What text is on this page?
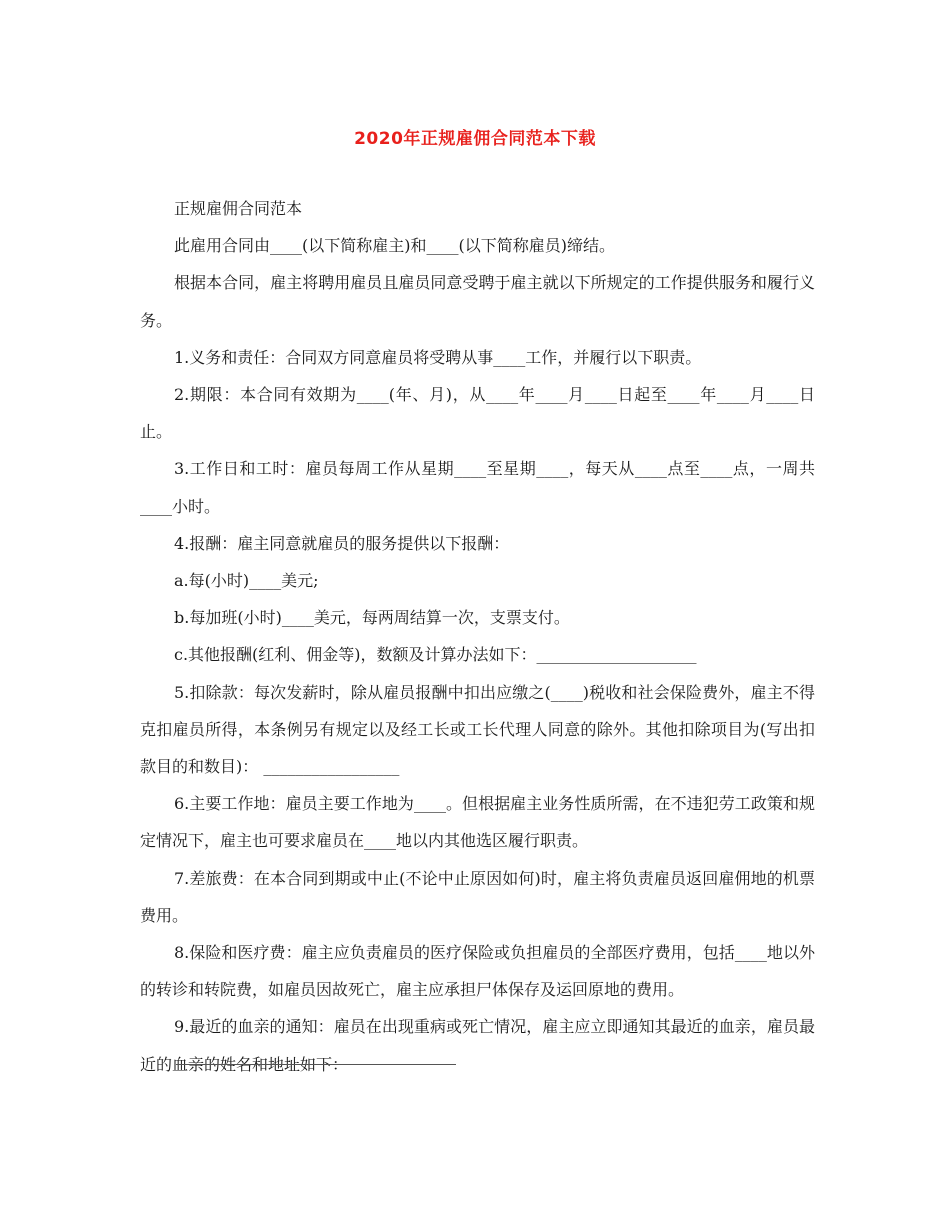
2020年正规雇佣合同范本下载

正规雇佣合同范本

此雇用合同由____(以下简称雇主)和____(以下简称雇员)缔结。

根据本合同，雇主将聘用雇员且雇员同意受聘于雇主就以下所规定的工作提供服务和履行义务。

1.义务和责任：合同双方同意雇员将受聘从事____工作，并履行以下职责。

2.期限：本合同有效期为____(年、月)，从____年____月____日起至____年____月____日止。

3.工作日和工时：雇员每周工作从星期____至星期____，每天从____点至____点，一周共____小时。

4.报酬：雇主同意就雇员的服务提供以下报酬：

a.每(小时)____美元;

b.每加班(小时)____美元，每两周结算一次，支票支付。

c.其他报酬(红利、佣金等)，数额及计算办法如下：____________________

5.扣除款：每次发薪时，除从雇员报酬中扣出应缴之(____)税收和社会保险费外，雇主不得克扣雇员所得，本条例另有规定以及经工长或工长代理人同意的除外。其他扣除项目为(写出扣款目的和数目)： _________________

6.主要工作地：雇员主要工作地为____。但根据雇主业务性质所需，在不违犯劳工政策和规定情况下，雇主也可要求雇员在____地以内其他选区履行职责。

7.差旅费：在本合同到期或中止(不论中止原因如何)时，雇主将负责雇员返回雇佣地的机票费用。

8.保险和医疗费：雇主应负责雇员的医疗保险或负担雇员的全部医疗费用，包括____地以外的转诊和转院费，如雇员因故死亡，雇主应承担尸体保存及运回原地的费用。

9.最近的血亲的通知：雇员在出现重病或死亡情况，雇主应立即通知其最近的血亲，雇员最近的血亲的姓名和地址如下：
